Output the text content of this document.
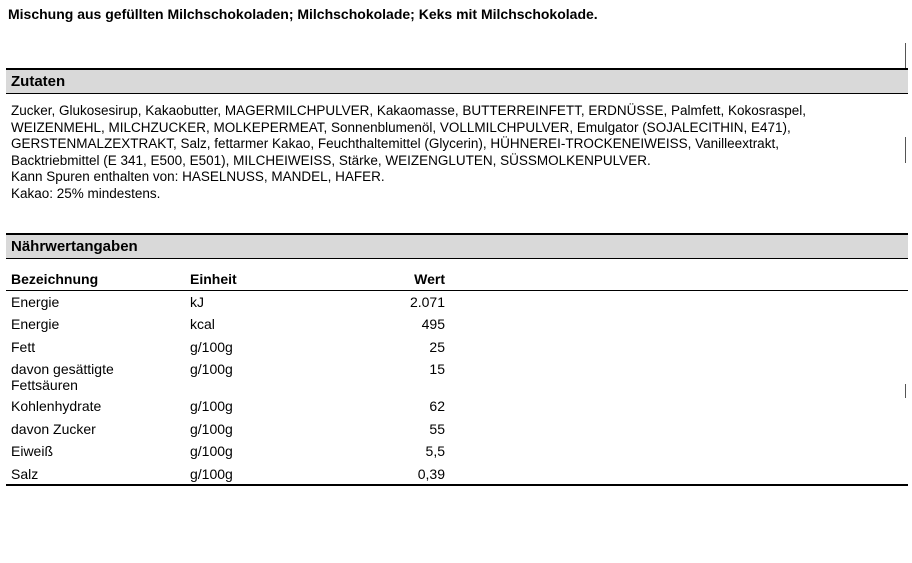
Mischung aus gefüllten Milchschokoladen; Milchschokolade; Keks mit Milchschokolade.
Zutaten
Zucker, Glukosesirup, Kakaobutter, MAGERMILCHPULVER, Kakaomasse, BUTTERREINFETT, ERDNÜSSE, Palmfett, Kokosraspel,
WEIZENMEHL, MILCHZUCKER, MOLKEPERMEAT, Sonnenblumenöl, VOLLMILCHPULVER, Emulgator (SOJALECITHIN, E471),
GERSTENMALZEXTRAKT, Salz, fettarmer Kakao, Feuchthaltemittel (Glycerin), HÜHNEREI-TROCKENEIWEISS, Vanilleextrakt,
Backtriebmittel (E 341, E500, E501), MILCHEIWEISS, Stärke, WEIZENGLUTEN, SÜSSMOLKENPULVER.
Kann Spuren enthalten von: HASELNUSS, MANDEL, HAFER.
Kakao: 25% mindestens.
Nährwertangaben
Bezeichnung	Einheit	Wert	
Energie	kJ	2.071	
Energie	kcal	495	
Fett	g/100g	25	
davon gesättigte Fettsäuren	g/100g	15	
Kohlenhydrate	g/100g	62	
davon Zucker	g/100g	55	
Eiweiß	g/100g	5,5	
Salz	g/100g	0,39	
